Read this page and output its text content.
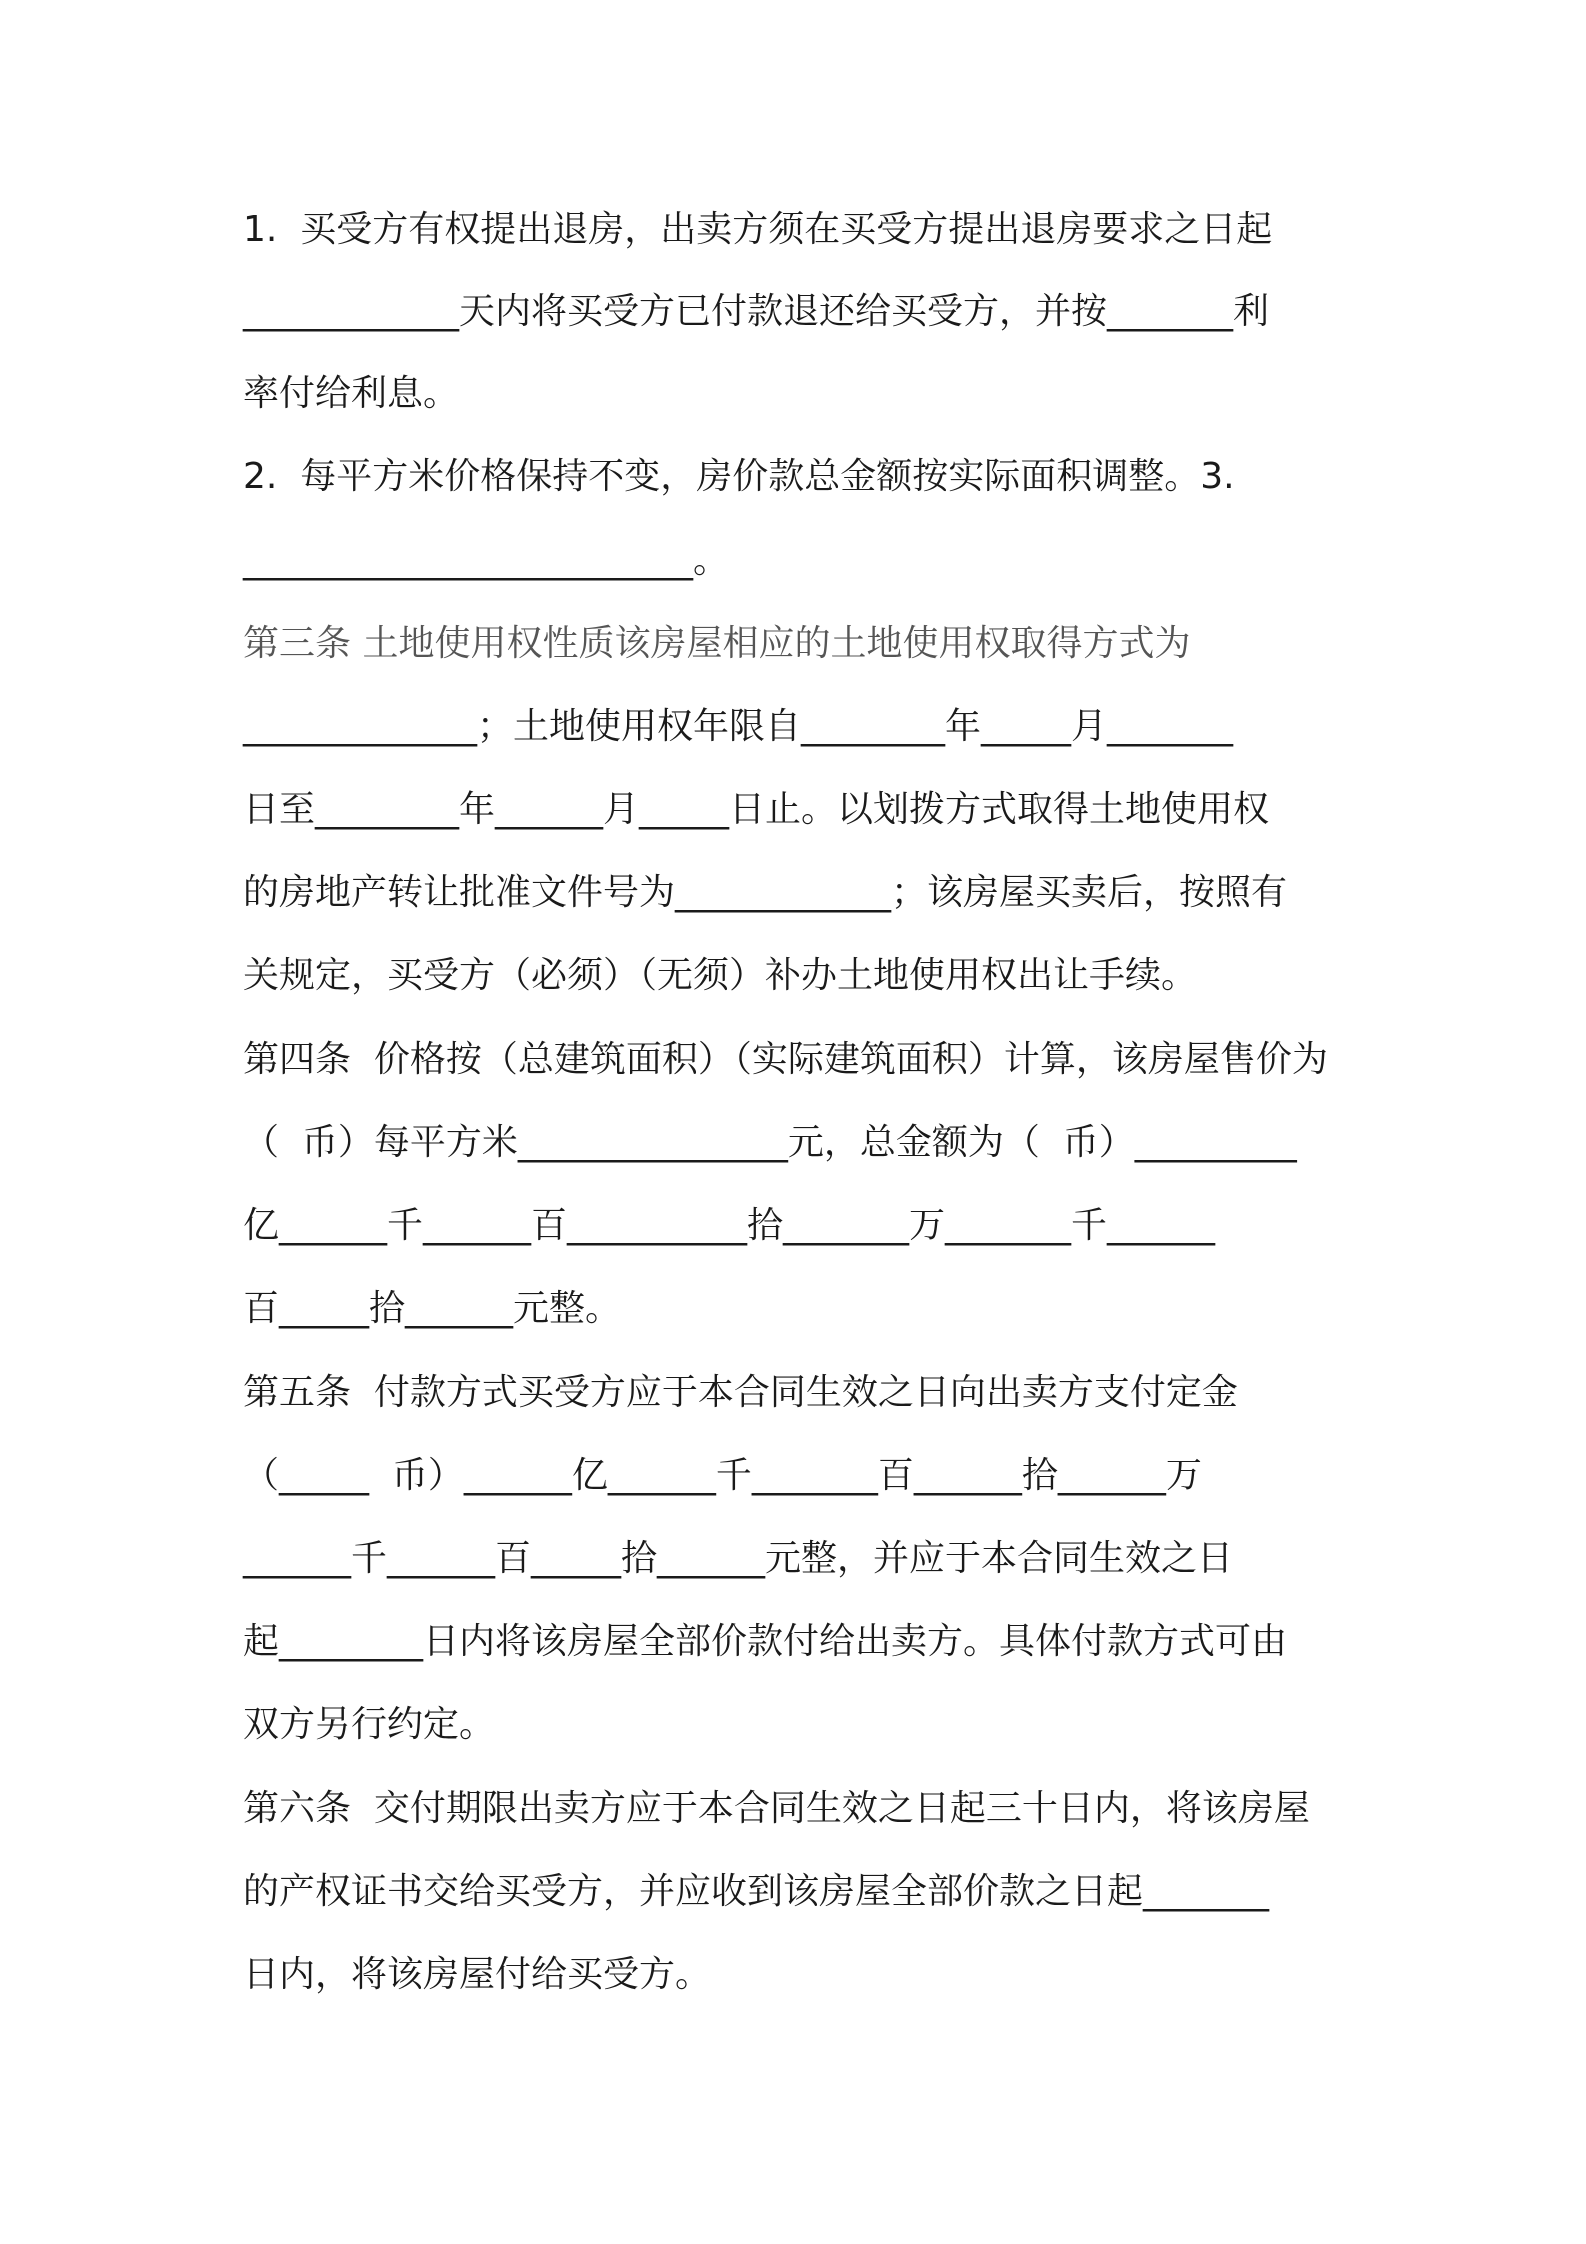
1.  买受方有权提出退房，出卖方须在买受方提出退房要求之日起
____________天内将买受方已付款退还给买受方，并按_______利
率付给利息。
2.  每平方米价格保持不变，房价款总金额按实际面积调整。3.
_________________________。
第三条 土地使用权性质该房屋相应的土地使用权取得方式为
_____________；土地使用权年限自________年_____月_______
日至________年______月_____日止。以划拨方式取得土地使用权
的房地产转让批准文件号为____________；该房屋买卖后，按照有
关规定，买受方（必须）（无须）补办土地使用权出让手续。
第四条  价格按（总建筑面积）（实际建筑面积）计算，该房屋售价为
（  币）每平方米_______________元，总金额为（  币）_________
亿______千______百__________拾_______万_______千______
百_____拾______元整。
第五条  付款方式买受方应于本合同生效之日向出卖方支付定金
（_____  币）______亿______千_______百______拾______万
______千______百_____拾______元整，并应于本合同生效之日
起________日内将该房屋全部价款付给出卖方。具体付款方式可由
双方另行约定。
第六条  交付期限出卖方应于本合同生效之日起三十日内，将该房屋
的产权证书交给买受方，并应收到该房屋全部价款之日起_______
日内，将该房屋付给买受方。
